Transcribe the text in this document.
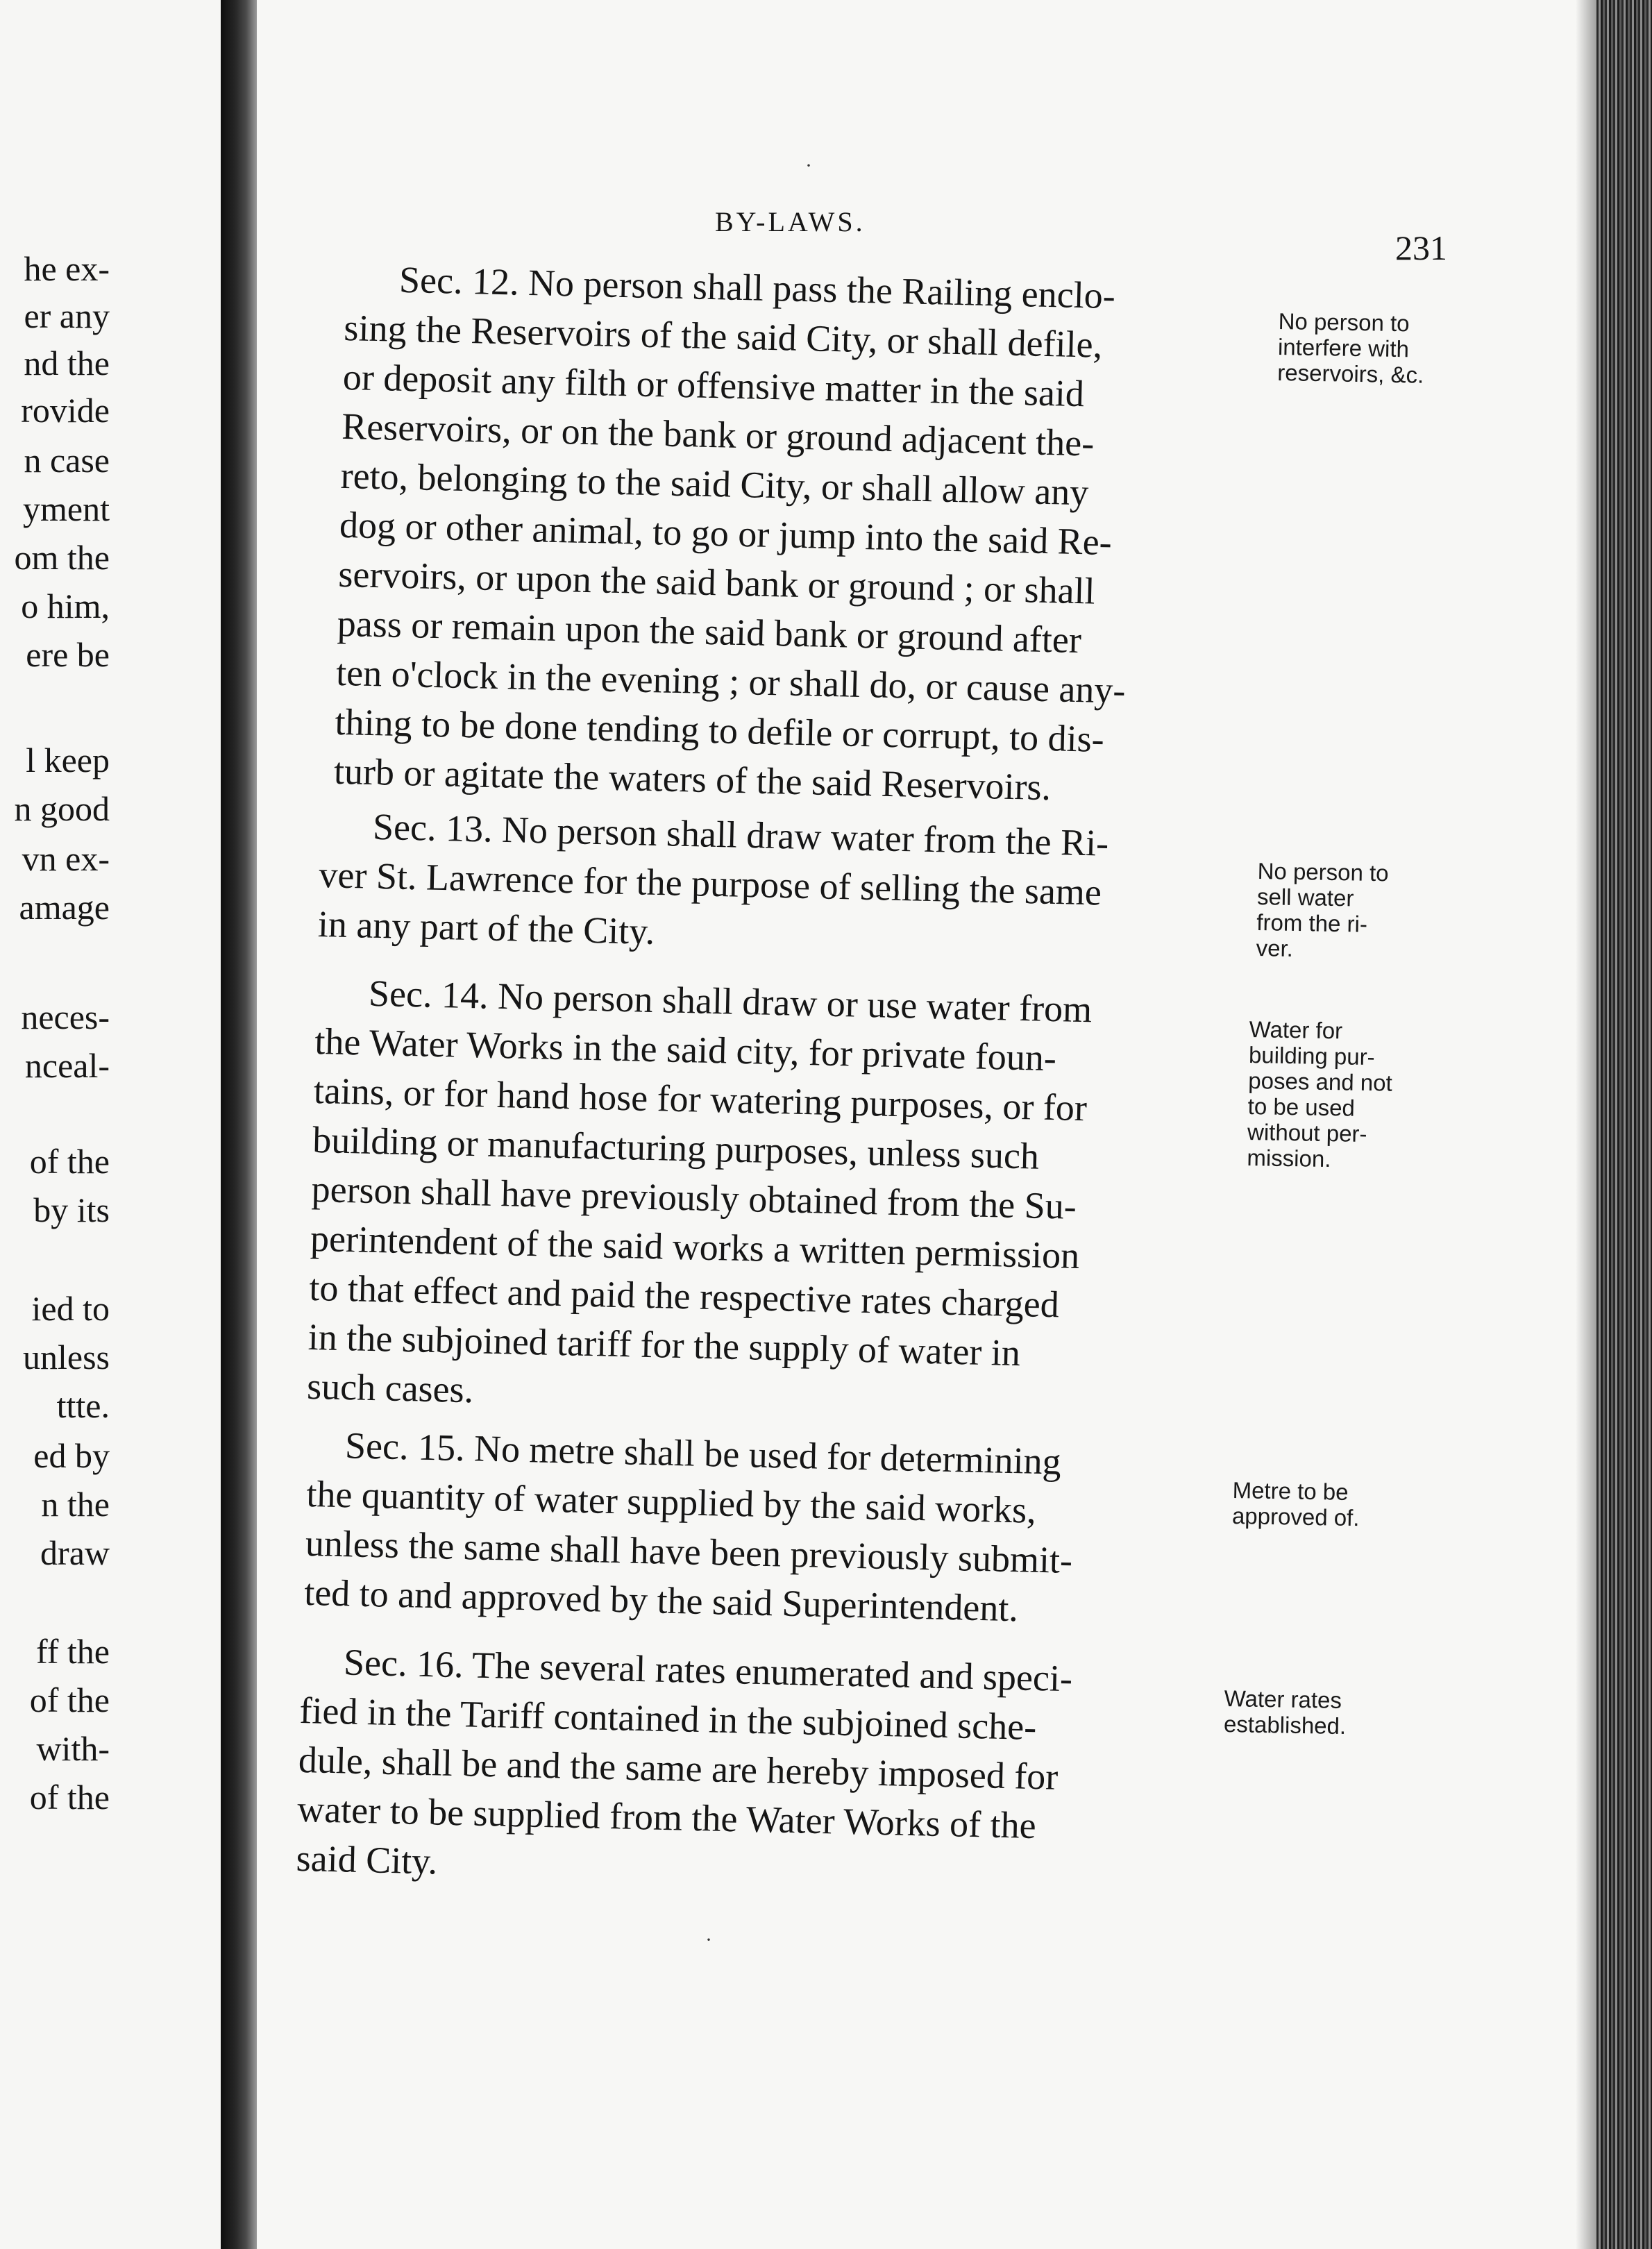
he ex-
er any
nd the
rovide
n case
yment
om the
o him,
ere be
l keep
n good
vn ex-
amage
neces-
nceal-
of the
by its
ied to
unless
ttte.
ed by
n the
draw
ff the
of the
with-
of the
·
BY-LAWS.
231
Sec. 12. No person shall pass the Railing enclo-
sing the Reservoirs of the said City, or shall defile,
or deposit any filth or offensive matter in the said
Reservoirs, or on the bank or ground adjacent the-
reto, belonging to the said City, or shall allow any
dog or other animal, to go or jump into the said Re-
servoirs, or upon the said bank or ground ; or shall
pass or remain upon the said bank or ground after
ten o'clock in the evening ; or shall do, or cause any-
thing to be done tending to defile or corrupt, to dis-
turb or agitate the waters of the said Reservoirs.
No person to
interfere with
reservoirs, &c.
Sec. 13. No person shall draw water from the Ri-
ver St. Lawrence for the purpose of selling the same
in any part of the City.
No person to
sell water
from the ri-
ver.
Sec. 14. No person shall draw or use water from
the Water Works in the said city, for private foun-
tains, or for hand hose for watering purposes, or for
building or manufacturing purposes, unless such
person shall have previously obtained from the Su-
perintendent of the said works a written permission
to that effect and paid the respective rates charged
in the subjoined tariff for the supply of water in
such cases.
Water for
building pur-
poses and not
to be used
without per-
mission.
Sec. 15. No metre shall be used for determining
the quantity of water supplied by the said works,
unless the same shall have been previously submit-
ted to and approved by the said Superintendent.
Metre to be
approved of.
Sec. 16. The several rates enumerated and speci-
fied in the Tariff contained in the subjoined sche-
dule, shall be and the same are hereby imposed for
water to be supplied from the Water Works of the
said City.
Water rates
established.
·
